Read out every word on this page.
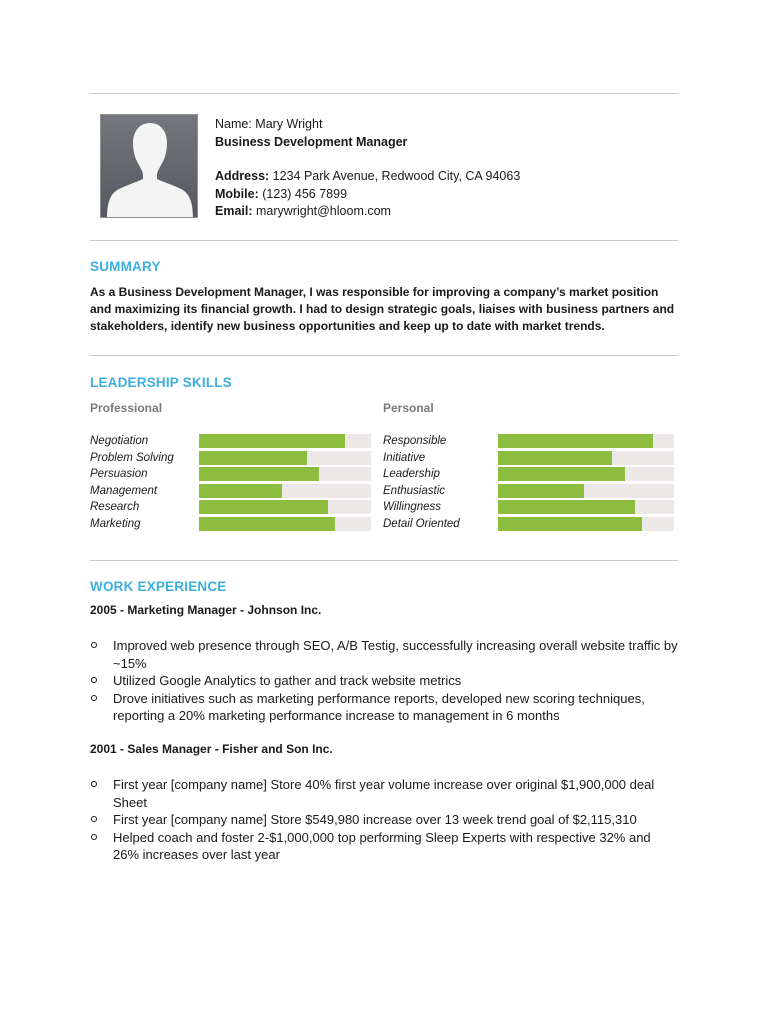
Name: Mary Wright
Business Development Manager
Address: 1234 Park Avenue, Redwood City, CA 94063
Mobile: (123) 456 7899
Email: marywright@hloom.com
SUMMARY
As a Business Development Manager, I was responsible for improving a company’s market position and maximizing its financial growth. I had to design strategic goals, liaises with business partners and stakeholders, identify new business opportunities and keep up to date with market trends.
LEADERSHIP SKILLS
Professional	Personal
Negotiation
Problem Solving
Persuasion
Management
Research
Marketing
Responsible
Initiative
Leadership
Enthusiastic
Willingness
Detail Oriented
WORK EXPERIENCE
2005 - Marketing Manager - Johnson Inc.
Improved web presence through SEO, A/B Testig, successfully increasing overall website traffic by ~15%
Utilized Google Analytics to gather and track website metrics
Drove initiatives such as marketing performance reports, developed new scoring techniques, reporting a 20% marketing performance increase to management in 6 months
2001 - Sales Manager - Fisher and Son Inc.
First year [company name] Store 40% first year volume increase over original $1,900,000 deal Sheet
First year [company name] Store $549,980 increase over 13 week trend goal of $2,115,310
Helped coach and foster 2-$1,000,000 top performing Sleep Experts with respective 32% and 26% increases over last year
